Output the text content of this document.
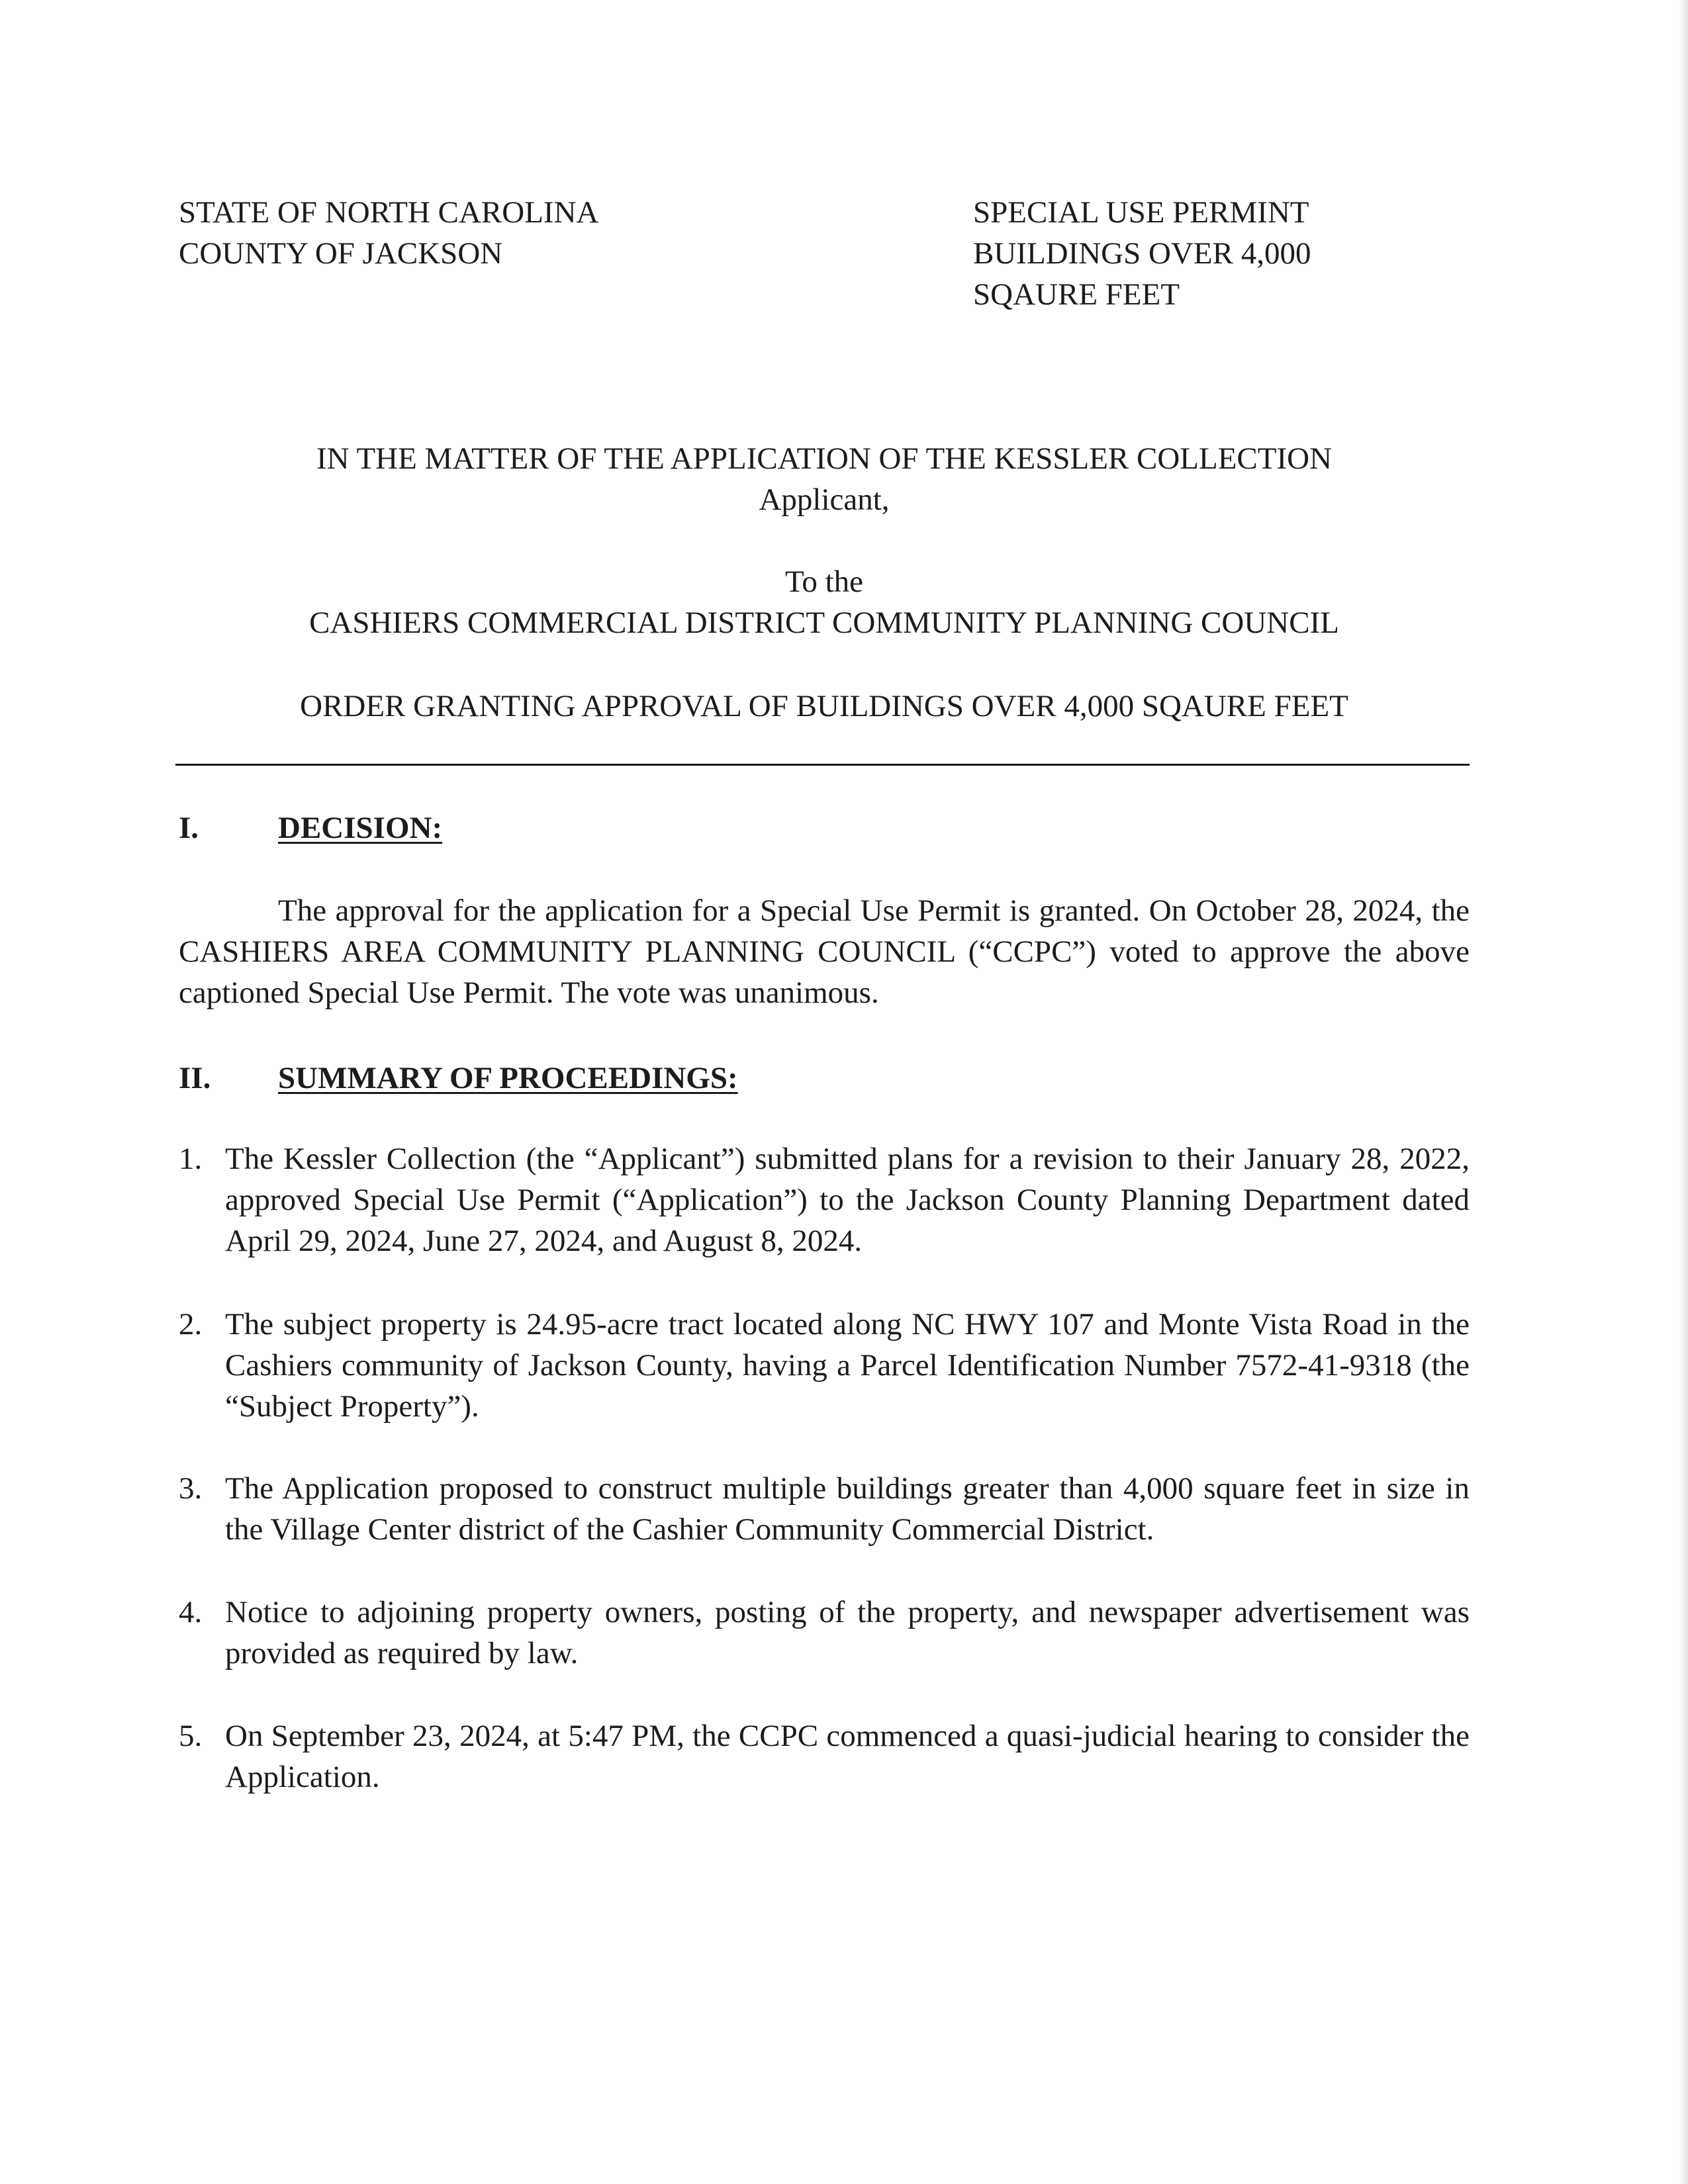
STATE OF NORTH CAROLINA
COUNTY OF JACKSON
SPECIAL USE PERMINT
BUILDINGS OVER 4,000
SQAURE FEET
IN THE MATTER OF THE APPLICATION OF THE KESSLER COLLECTION
Applicant,
To the
CASHIERS COMMERCIAL DISTRICT COMMUNITY PLANNING COUNCIL
ORDER GRANTING APPROVAL OF BUILDINGS OVER 4,000 SQAURE FEET
I.	DECISION:

The approval for the application for a Special Use Permit is granted. On October 28, 2024, the CASHIERS AREA COMMUNITY PLANNING COUNCIL (“CCPC”) voted to approve the above captioned Special Use Permit. The vote was unanimous.

II. SUMMARY OF PROCEEDINGS:
1. The Kessler Collection (the “Applicant”) submitted plans for a revision to their January 28, 2022, approved Special Use Permit (“Application”) to the Jackson County Planning Department dated April 29, 2024, June 27, 2024, and August 8, 2024.
2. The subject property is 24.95-acre tract located along NC HWY 107 and Monte Vista Road in the Cashiers community of Jackson County, having a Parcel Identification Number 7572-41-9318 (the “Subject Property”).
3. The Application proposed to construct multiple buildings greater than 4,000 square feet in size in the Village Center district of the Cashier Community Commercial District.
4. Notice to adjoining property owners, posting of the property, and newspaper advertisement was provided as required by law.
5. On September 23, 2024, at 5:47 PM, the CCPC commenced a quasi-judicial hearing to consider the Application.
